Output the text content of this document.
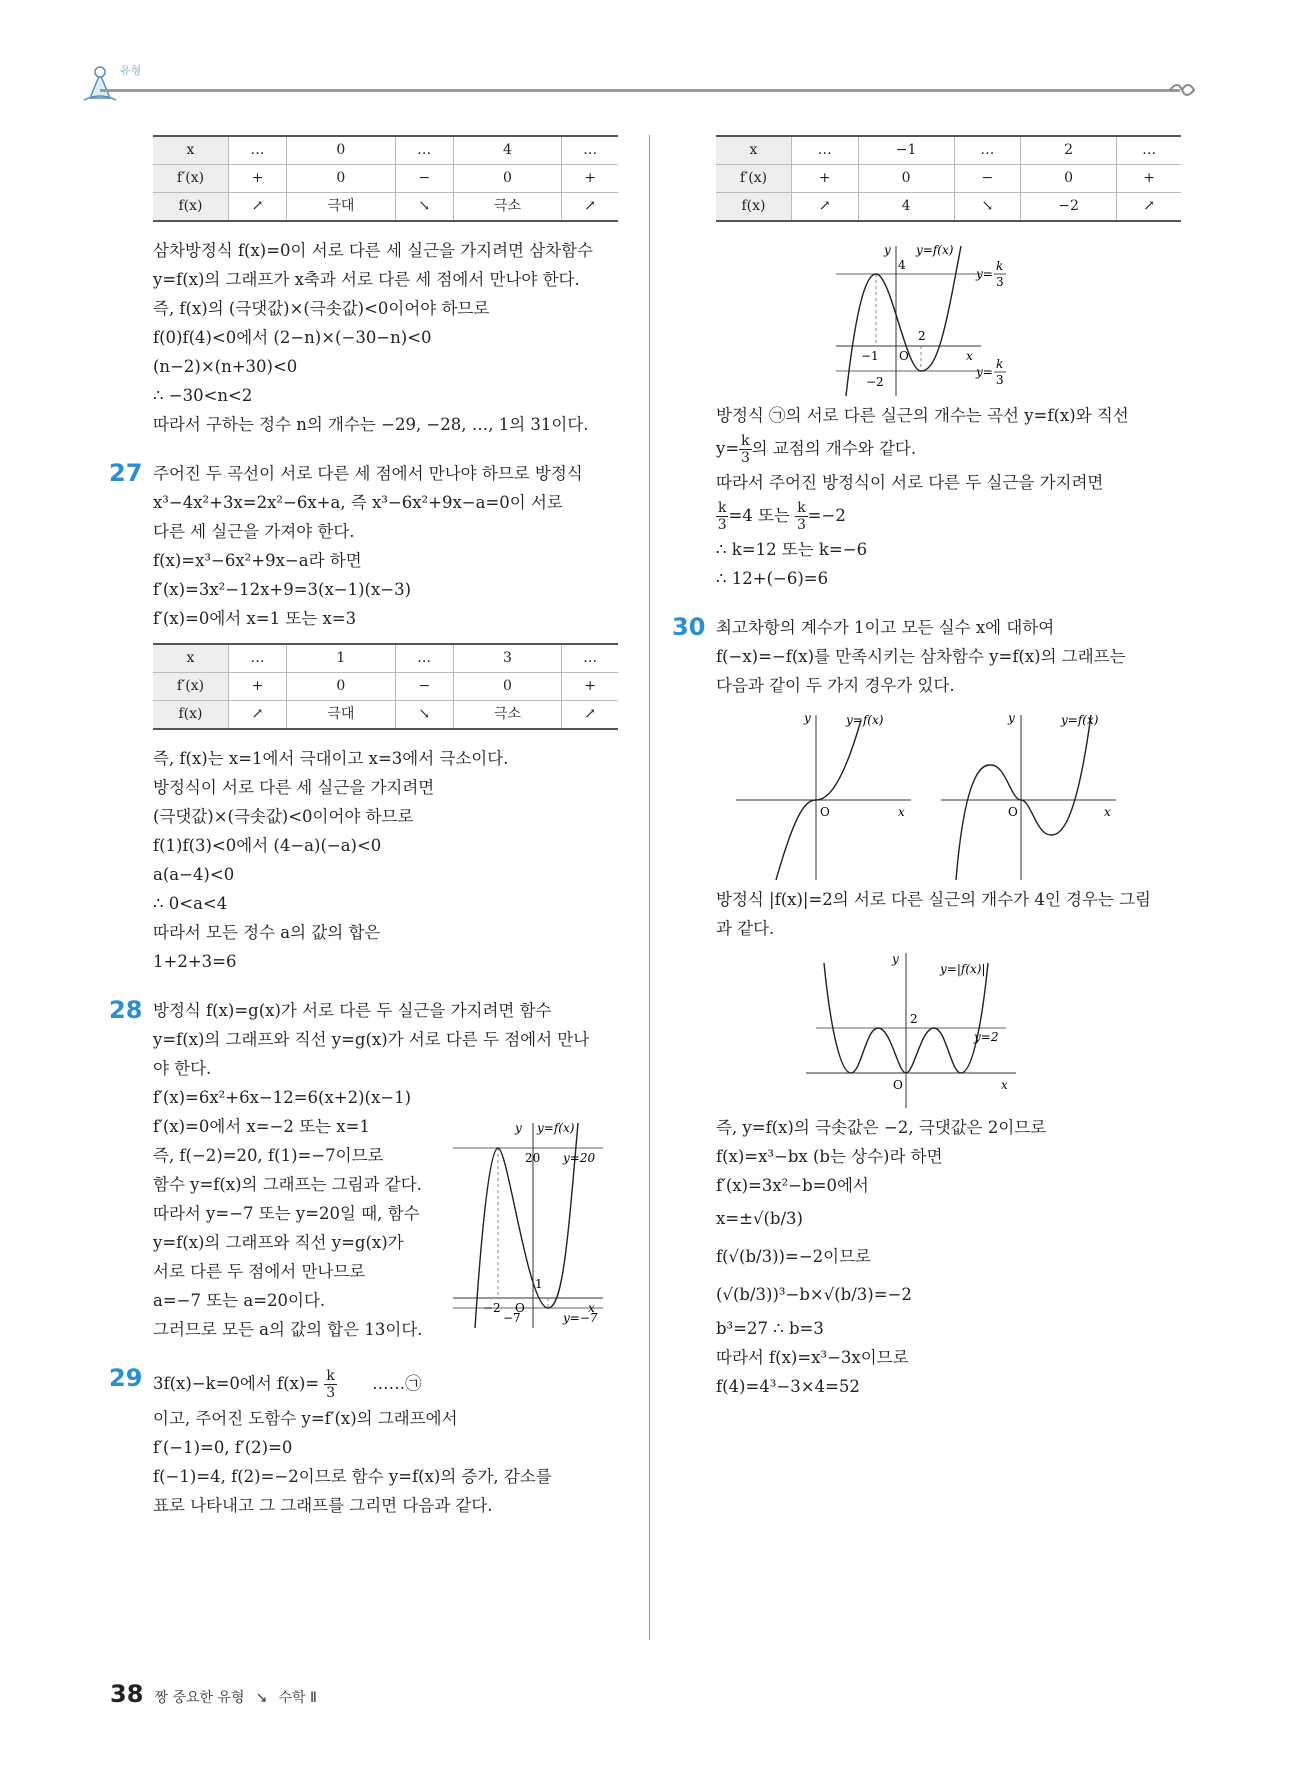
유형
x	…	0	…	4	…
f′(x)	+	0	−	0	+
f(x)	↗	극대	↘	극소	↗

삼차방정식 f(x)=0이 서로 다른 세 실근을 가지려면 삼차함수

y=f(x)의 그래프가 x축과 서로 다른 세 점에서 만나야 한다.

즉, f(x)의 (극댓값)×(극솟값)<0이어야 하므로

f(0)f(4)<0에서 (2−n)×(−30−n)<0

(n−2)×(n+30)<0

∴ −30<n<2

따라서 구하는 정수 n의 개수는 −29, −28, …, 1의 31이다.

27 주어진 두 곡선이 서로 다른 세 점에서 만나야 하므로 방정식

x³−4x²+3x=2x²−6x+a, 즉 x³−6x²+9x−a=0이 서로

다른 세 실근을 가져야 한다.

f(x)=x³−6x²+9x−a라 하면

f′(x)=3x²−12x+9=3(x−1)(x−3)

f′(x)=0에서 x=1 또는 x=3

x	…	1	…	3	…
f′(x)	+	0	−	0	+
f(x)	↗	극대	↘	극소	↗

즉, f(x)는 x=1에서 극대이고 x=3에서 극소이다.

방정식이 서로 다른 세 실근을 가지려면

(극댓값)×(극솟값)<0이어야 하므로

f(1)f(3)<0에서 (4−a)(−a)<0

a(a−4)<0

∴ 0<a<4

따라서 모든 정수 a의 값의 합은

1+2+3=6

28 방정식 f(x)=g(x)가 서로 다른 두 실근을 가지려면 함수

y=f(x)의 그래프와 직선 y=g(x)가 서로 다른 두 점에서 만나

야 한다.

f′(x)=6x²+6x−12=6(x+2)(x−1)

f′(x)=0에서 x=−2 또는 x=1

즉, f(−2)=20, f(1)=−7이므로

함수 y=f(x)의 그래프는 그림과 같다.

따라서 y=−7 또는 y=20일 때, 함수

y=f(x)의 그래프와 직선 y=g(x)가

서로 다른 두 점에서 만나므로

a=−7 또는 a=20이다.

그러므로 모든 a의 값의 합은 13이다.

y y=f(x)
20 y=20
1
−2 O	x
−7	y=−7
29 3f(x)−k=0에서 $f(x)= \frac{k}{3}$ ……㉠

이고, 주어진 도함수 y=f′(x)의 그래프에서

f′(−1)=0, f′(2)=0

f(−1)=4, f(2)=−2이므로 함수 y=f(x)의 증가, 감소를

표로 나타내고 그 그래프를 그리면 다음과 같다.

x	…	−1	…	2	…
f′(x)	+	0	−	0	+
f(x)	↗	4	↘	−2	↗
y y=f(x)
4
y=
k
3
2
−1 O	x
−2
y=
k
3

방정식 ㉠의 서로 다른 실근의 개수는 곡선 y=f(x)와 직선

$y= \frac{k}{3}$ 의 교점의 개수와 같다.

따라서 주어진 방정식이 서로 다른 두 실근을 가지려면

$\frac{k}{3} =4$ 또는 $\frac{k}{3} =-2$

∴ k=12 또는 k=−6

∴ 12+(−6)=6

30 최고차항의 계수가 1이고 모든 실수 x에 대하여

f(−x)=−f(x)를 만족시키는 삼차함수 y=f(x)의 그래프는

다음과 같이 두 가지 경우가 있다.

y	y=f(x)
O	x
y	y=f(x)
O	x

방정식 |f(x)|=2의 서로 다른 실근의 개수가 4인 경우는 그림

과 같다.

y
y=|f(x)|
2
y=2
O	x

즉, y=f(x)의 극솟값은 −2, 극댓값은 2이므로

f(x)=x³−bx (b는 상수)라 하면

f′(x)=3x²−b=0에서

x=±√(b/3)

f(√(b/3))=−2이므로

(√(b/3))³−b×√(b/3)=−2

b³=27 ∴ b=3

따라서 f(x)=x³−3x이므로

f(4)=4³−3×4=52

38 짱 중요한 유형 ↘ 수학 Ⅱ
